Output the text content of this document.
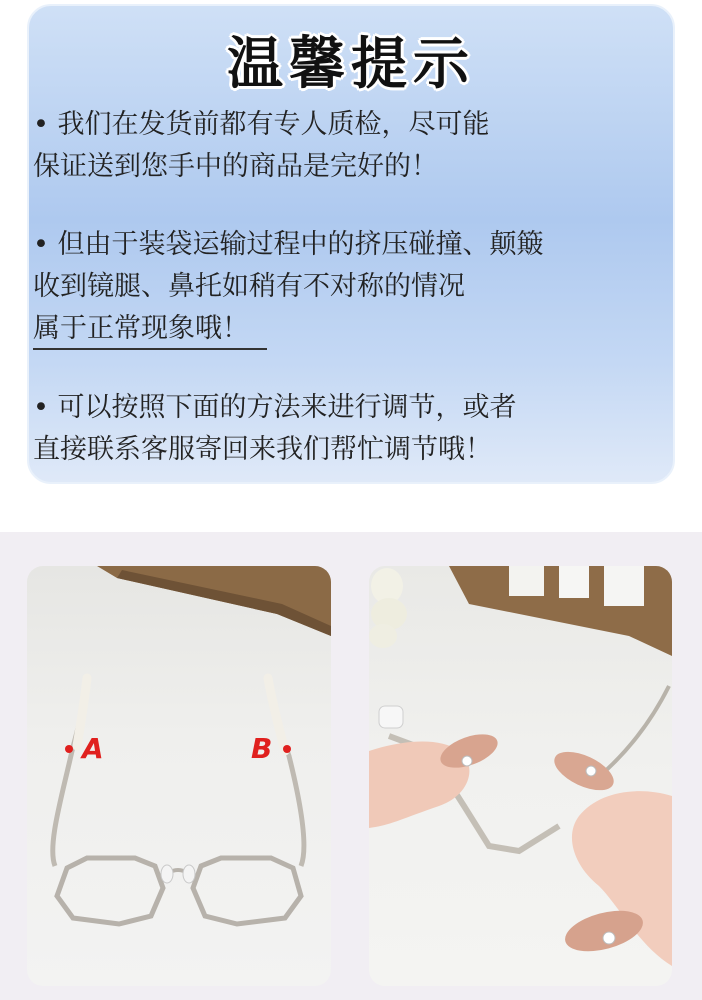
温馨提示
• 我们在发货前都有专人质检，尽可能
保证送到您手中的商品是完好的！
• 但由于装袋运输过程中的挤压碰撞、颠簸
收到镜腿、鼻托如稍有不对称的情况
属于正常现象哦！
• 可以按照下面的方法来进行调节，或者
直接联系客服寄回来我们帮忙调节哦！
A	B
